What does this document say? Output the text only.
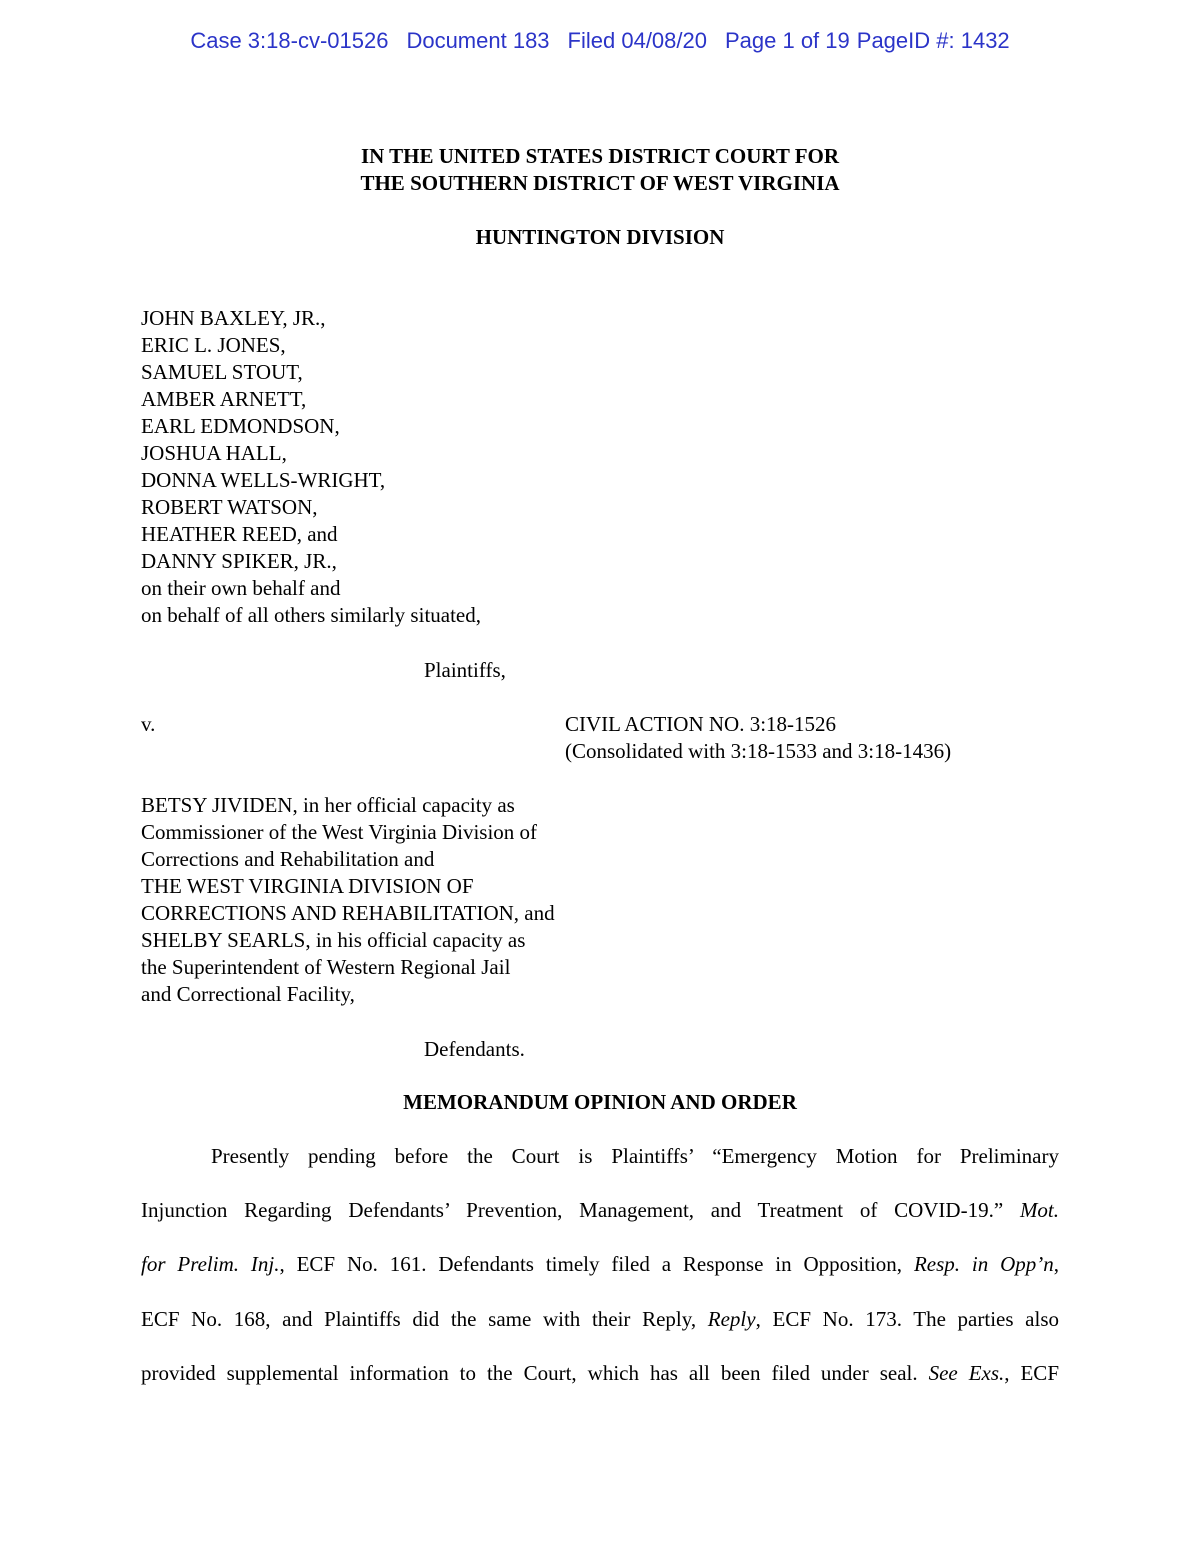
Case 3:18-cv-01526 Document 183 Filed 04/08/20 Page 1 of 19 PageID #: 1432
IN THE UNITED STATES DISTRICT COURT FOR
THE SOUTHERN DISTRICT OF WEST VIRGINIA
HUNTINGTON DIVISION
JOHN BAXLEY, JR.,
ERIC L. JONES,
SAMUEL STOUT,
AMBER ARNETT,
EARL EDMONDSON,
JOSHUA HALL,
DONNA WELLS-WRIGHT,
ROBERT WATSON,
HEATHER REED, and
DANNY SPIKER, JR.,
on their own behalf and
on behalf of all others similarly situated,
Plaintiffs,
v.	CIVIL ACTION NO. 3:18-1526
(Consolidated with 3:18-1533 and 3:18-1436)
BETSY JIVIDEN, in her official capacity as
Commissioner of the West Virginia Division of
Corrections and Rehabilitation and
THE WEST VIRGINIA DIVISION OF
CORRECTIONS AND REHABILITATION, and
SHELBY SEARLS, in his official capacity as
the Superintendent of Western Regional Jail
and Correctional Facility,
Defendants.
MEMORANDUM OPINION AND ORDER
Presently pending before the Court is Plaintiffs’ “Emergency Motion for Preliminary
Injunction Regarding Defendants’ Prevention, Management, and Treatment of COVID-19.” Mot.
for Prelim. Inj., ECF No. 161. Defendants timely filed a Response in Opposition, Resp. in Opp’n,
ECF No. 168, and Plaintiffs did the same with their Reply, Reply, ECF No. 173. The parties also
provided supplemental information to the Court, which has all been filed under seal. See Exs., ECF
